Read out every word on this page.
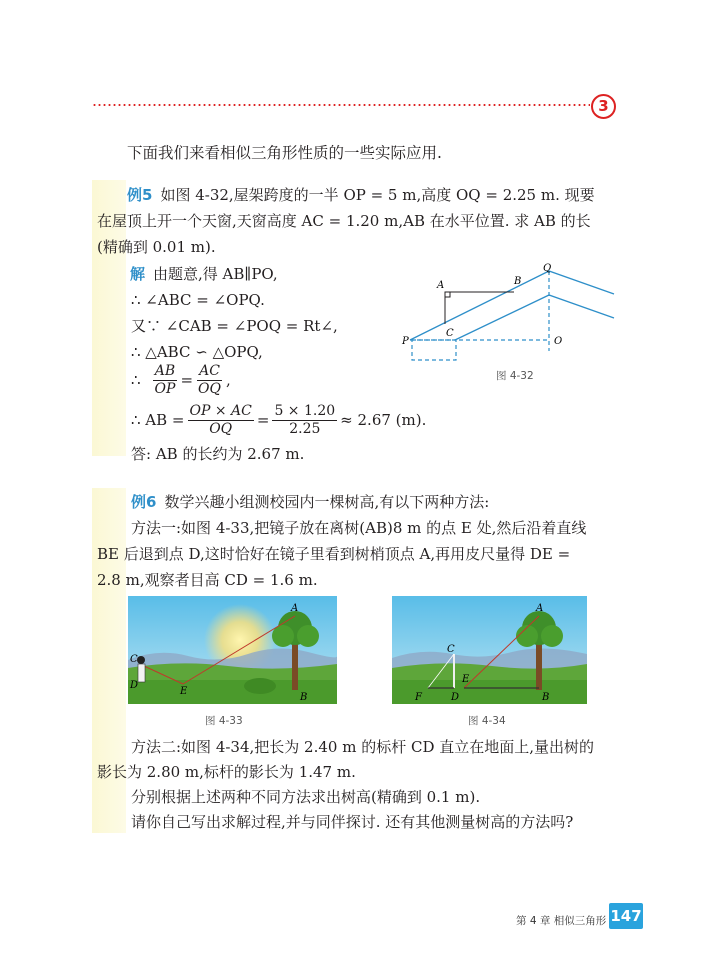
3
下面我们来看相似三角形性质的一些实际应用.
例5 如图 4-32,屋架跨度的一半 OP = 5 m,高度 OQ = 2.25 m. 现要
在屋顶上开一个天窗,天窗高度 AC = 1.20 m,AB 在水平位置. 求 AB 的长
(精确到 0.01 m).
解 由题意,得 AB∥PO,
∴ ∠ABC = ∠OPQ.
又∵ ∠CAB = ∠POQ = Rt∠,
∴ △ABC ∽ △OPQ,
∴ $\frac{AB}{OP} = \frac{AC}{OQ}$ ,
∴ AB = $\frac{OP \times AC}{OQ} = \frac{5 \times 1.20}{2.25} \approx 2.67$ (m).
答: AB 的长约为 2.67 m.
A	B
Q
C
P	O
图 4-32
例6 数学兴趣小组测校园内一棵树高,有以下两种方法:
方法一:如图 4-33,把镜子放在离树(AB)8 m 的点 E 处,然后沿着直线
BE 后退到点 D,这时恰好在镜子里看到树梢顶点 A,再用皮尺量得 DE =
2.8 m,观察者目高 CD = 1.6 m.
A
B
C
D
E
图 4-33
A
B
C
D
E
F
图 4-34
方法二:如图 4-34,把长为 2.40 m 的标杆 CD 直立在地面上,量出树的
影长为 2.80 m,标杆的影长为 1.47 m.
分别根据上述两种不同方法求出树高(精确到 0.1 m).
请你自己写出求解过程,并与同伴探讨. 还有其他测量树高的方法吗?
第 4 章 相似三角形 147
